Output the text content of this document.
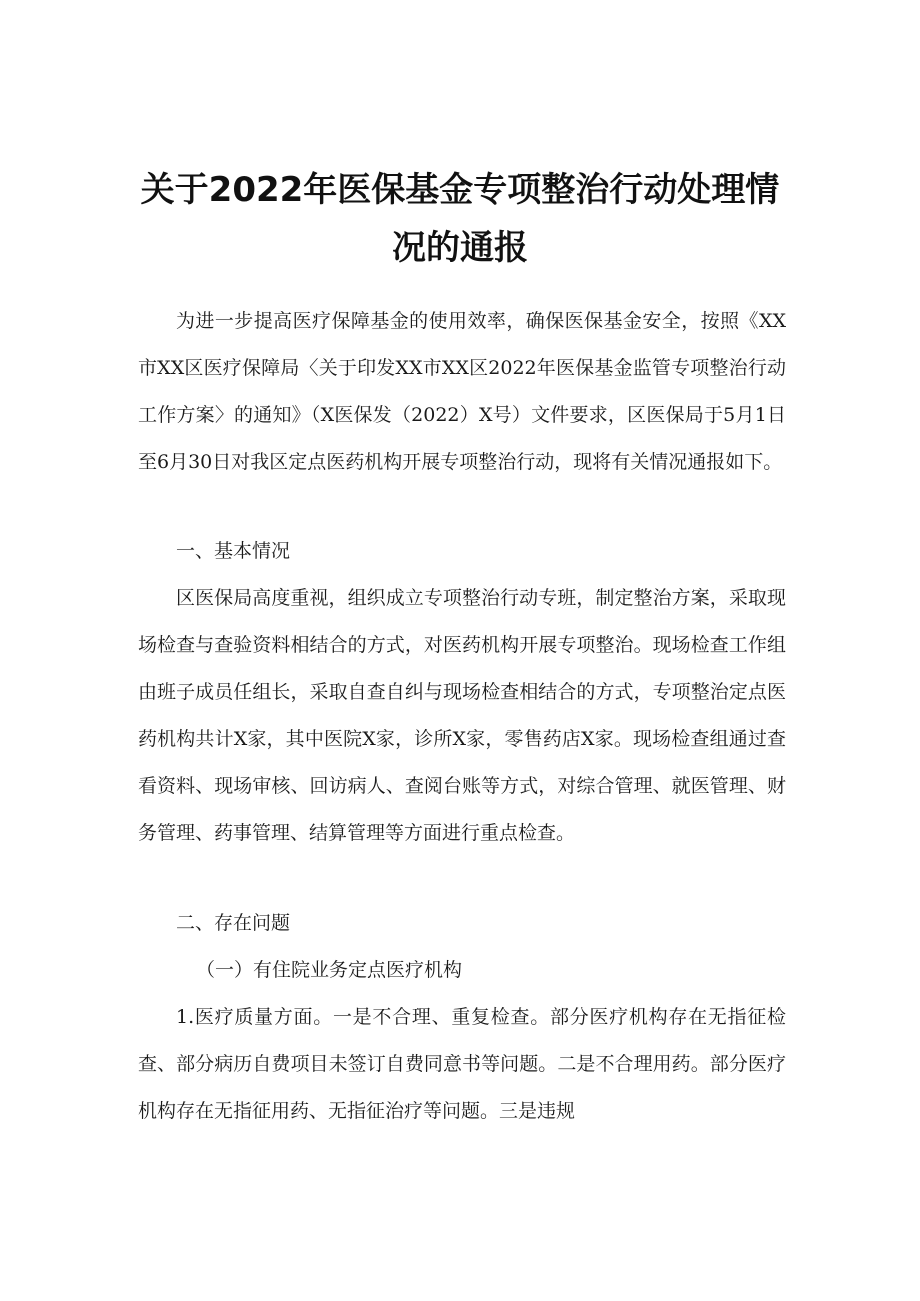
关于2022年医保基金专项整治行动处理情
况的通报

为进一步提高医疗保障基金的使用效率，确保医保基金安全，按照《XX市XX区医疗保障局〈关于印发XX市XX区2022年医保基金监管专项整治行动工作方案〉的通知》（X医保发（2022）X号）文件要求，区医保局于5月1日至6月30日对我区定点医药机构开展专项整治行动，现将有关情况通报如下。

一、基本情况

区医保局高度重视，组织成立专项整治行动专班，制定整治方案，采取现场检查与查验资料相结合的方式，对医药机构开展专项整治。现场检查工作组由班子成员任组长，采取自查自纠与现场检查相结合的方式，专项整治定点医药机构共计X家，其中医院X家，诊所X家，零售药店X家。现场检查组通过查看资料、现场审核、回访病人、查阅台账等方式，对综合管理、就医管理、财务管理、药事管理、结算管理等方面进行重点检查。

二、存在问题

（一）有住院业务定点医疗机构

1.医疗质量方面。一是不合理、重复检查。部分医疗机构存在无指征检查、部分病历自费项目未签订自费同意书等问题。二是不合理用药。部分医疗机构存在无指征用药、无指征治疗等问题。三是违规
